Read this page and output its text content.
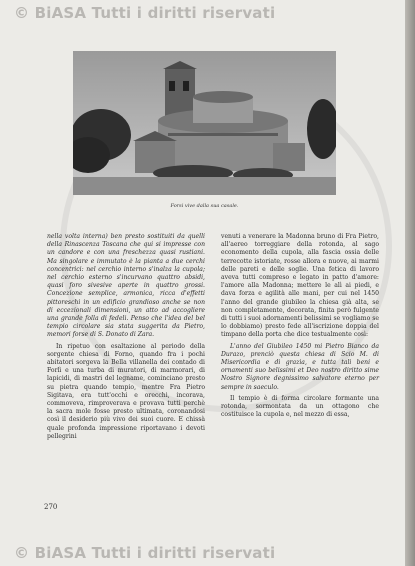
© BiASA Tutti i diritti riservati
Forsi vive dalla sua casale.

nella volta interna) ben presto sostituiti da quelli della Rinascenza Toscana che qui si impresse con un candore e con una freschezza quasi rustiani. Ma singolare e immutato è la pianta a due cerchi concentrici: nel cerchio interno s'inalza la cupola; nel cerchio esterno s'incurvano quattro absidi, quasi foro sivesive aperte in quattro grossi. Concezione semplice, armonica, ricca d'effetti pittoreschi in un edificio grandioso anche se non di eccezionali dimensioni, un atto ad accogliere una grande folla di fedeli. Penso che l'idea del bel tempio circolare sia stata suggerita da Pietro, memori forse di S. Donato di Zara.

In ripetuo con esaltazione al periodo della sorgente chiesa di Forno, quando fra i pochi abitatori sorgeva la Bella villanella dei contado di Forlì e una turba di muratori, di marmorari, di lapicidi, di mastri del legname, cominciano presto su pietra quando tempio, mentre Fra Pietro Sigitava, era tutt'occhi e orecchi, incorava, commoveva, rimproverava e provava tutti perchè la sacra mole fosse presto ultimata, coronandosi così il desiderio più vivo dei suoi cuore. E chissà quale profonda impressione riportavano i devoti pellegrini

venuti a venerare la Madonna bruno di Fra Pietro, all'aereo torreggiare della rotonda, al sago economento della cupola, alla fascia ossia delle terrecotte istoriate, rosse allora e nuove, ai marmi delle pareti e delle soglie. Una fetica di lavoro aveva tutti compreso e legato in patto d'amore: l'amore alla Madonna; mettere le alì ai piedi, e dava forza e agilità alle mani, per cui nel 1450 l'anno del grande giubileo la chiesa già alta, se non completamente, decorata, finita però fulgente di tutti i suoi adornamenti belissimi se vogliamo se lo dobbiamo) presto fede all'iscrizione doppia del timpano della porta che dice testualmente così:

L'anno del Giubileo 1450 mi Pietro Bianco da Durazo, prenciò questa chiesa di Scio M. di Misericordia e di grazia, e tutta tali beni e ornamenti suo belissimi et Deo nostro diritto sime Nostro Signore degnissimo salvatore eterno per sempre in saeculo.

Il tempio è di forma circolare formante una rotonda, sormontata da un ottagono che costituisce la cupola e, nel mezzo di essa,

270
© BiASA Tutti i diritti riservati
